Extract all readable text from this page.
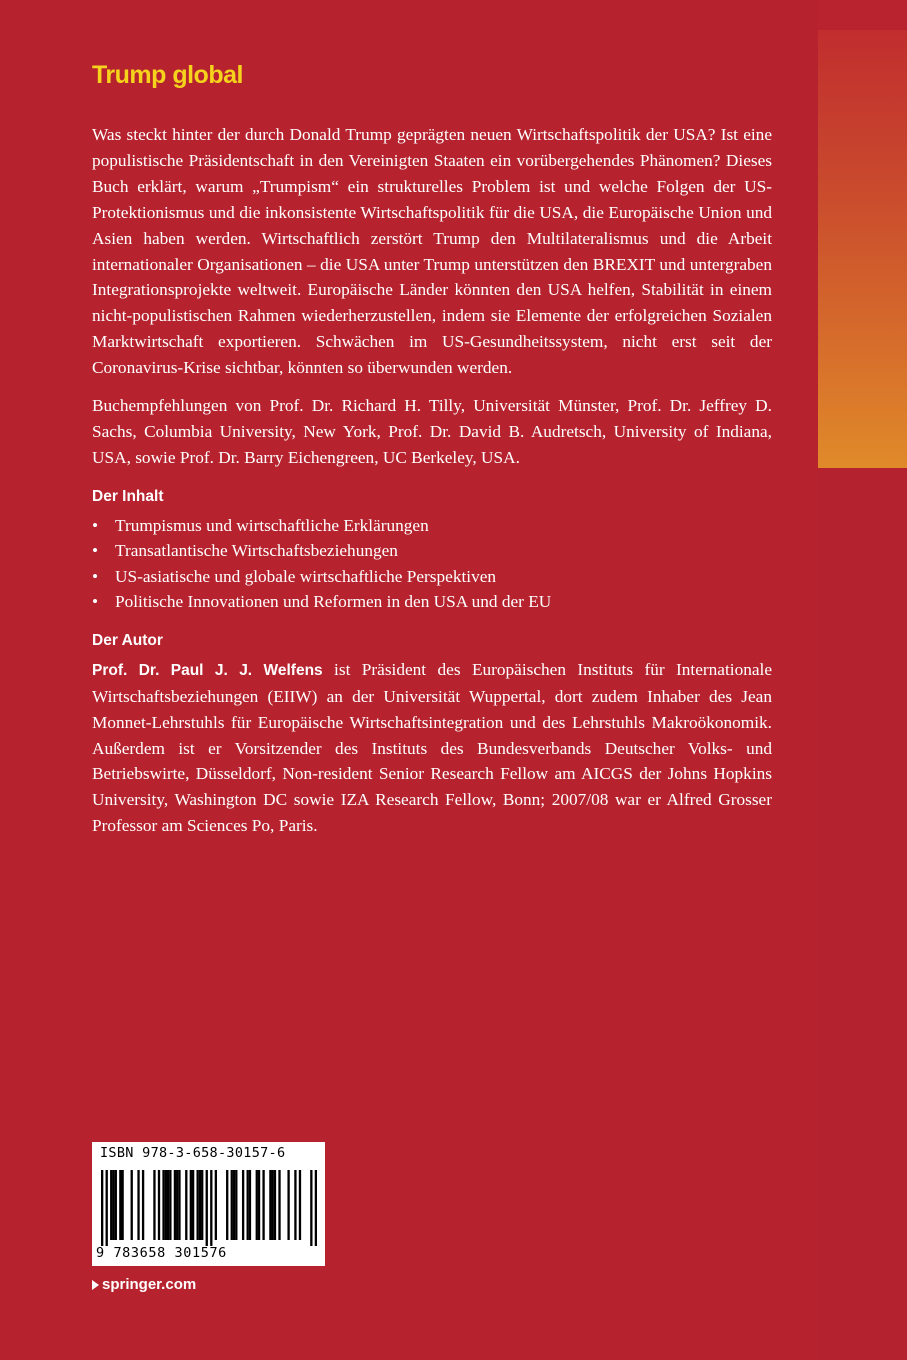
Trump global

Was steckt hinter der durch Donald Trump geprägten neuen Wirtschaftspolitik der USA? Ist eine populistische Präsidentschaft in den Vereinigten Staaten ein vorübergehendes Phänomen? Dieses Buch erklärt, warum „Trumpism“ ein strukturelles Problem ist und welche Folgen der US-Protektionismus und die inkonsistente Wirtschaftspolitik für die USA, die Europäische Union und Asien haben werden. Wirtschaftlich zerstört Trump den Multilateralismus und die Arbeit internationaler Organisationen – die USA unter Trump unterstützen den BREXIT und untergraben Integrationsprojekte weltweit. Europäische Länder könnten den USA helfen, Stabilität in einem nicht-populistischen Rahmen wiederherzustellen, indem sie Elemente der erfolgreichen Sozialen Marktwirtschaft exportieren. Schwächen im US-Gesundheitssystem, nicht erst seit der Coronavirus-Krise sichtbar, könnten so überwunden werden.

Buchempfehlungen von Prof. Dr. Richard H. Tilly, Universität Münster, Prof. Dr. Jeffrey D. Sachs, Columbia University, New York, Prof. Dr. David B. Audretsch, University of Indiana, USA, sowie Prof. Dr. Barry Eichengreen, UC Berkeley, USA.

Der Inhalt
• Trumpismus und wirtschaftliche Erklärungen
• Transatlantische Wirtschaftsbeziehungen
• US-asiatische und globale wirtschaftliche Perspektiven
• Politische Innovationen und Reformen in den USA und der EU
Der Autor

Prof. Dr. Paul J. J. Welfens ist Präsident des Europäischen Instituts für Internationale Wirtschaftsbeziehungen (EIIW) an der Universität Wuppertal, dort zudem Inhaber des Jean Monnet-Lehrstuhls für Europäische Wirtschaftsintegration und des Lehrstuhls Makroökonomik. Außerdem ist er Vorsitzender des Instituts des Bundesverbands Deutscher Volks- und Betriebswirte, Düsseldorf, Non-resident Senior Research Fellow am AICGS der Johns Hopkins University, Washington DC sowie IZA Research Fellow, Bonn; 2007/08 war er Alfred Grosser Professor am Sciences Po, Paris.

ISBN 978-3-658-30157-6
9 783658 301576
springer.com
